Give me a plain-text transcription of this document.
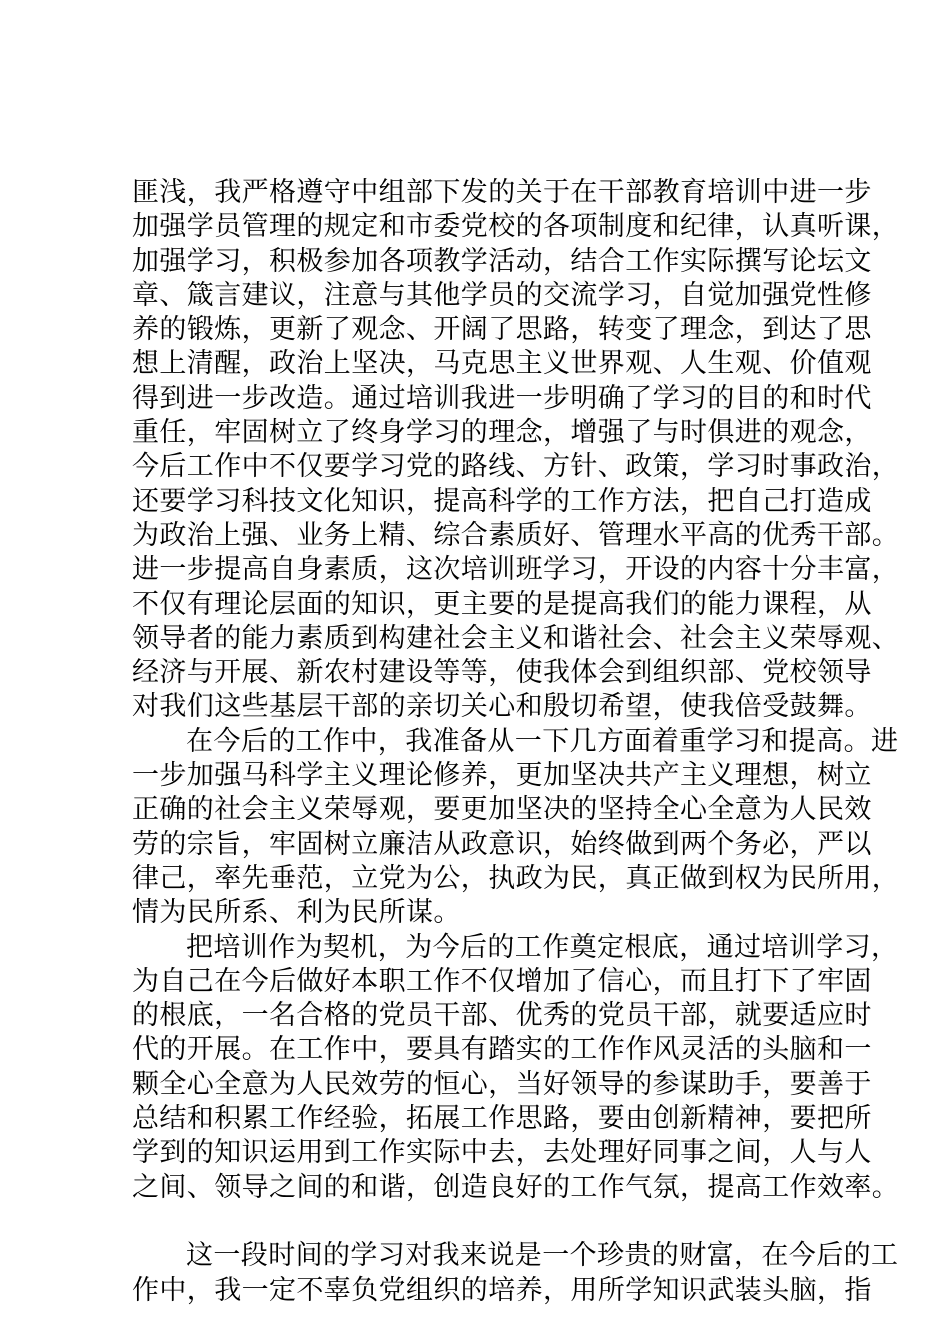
匪浅，我严格遵守中组部下发的关于在干部教育培训中进一步
加强学员管理的规定和市委党校的各项制度和纪律，认真听课，
加强学习，积极参加各项教学活动，结合工作实际撰写论坛文
章、箴言建议，注意与其他学员的交流学习，自觉加强党性修
养的锻炼，更新了观念、开阔了思路，转变了理念，到达了思
想上清醒，政治上坚决，马克思主义世界观、人生观、价值观
得到进一步改造。通过培训我进一步明确了学习的目的和时代
重任，牢固树立了终身学习的理念，增强了与时俱进的观念，
今后工作中不仅要学习党的路线、方针、政策，学习时事政治，
还要学习科技文化知识，提高科学的工作方法，把自己打造成
为政治上强、业务上精、综合素质好、管理水平高的优秀干部。
进一步提高自身素质，这次培训班学习，开设的内容十分丰富，
不仅有理论层面的知识，更主要的是提高我们的能力课程，从
领导者的能力素质到构建社会主义和谐社会、社会主义荣辱观、
经济与开展、新农村建设等等，使我体会到组织部、党校领导
对我们这些基层干部的亲切关心和殷切希望，使我倍受鼓舞。
在今后的工作中，我准备从一下几方面着重学习和提高。进
一步加强马科学主义理论修养，更加坚决共产主义理想，树立
正确的社会主义荣辱观，要更加坚决的坚持全心全意为人民效
劳的宗旨，牢固树立廉洁从政意识，始终做到两个务必，严以
律己，率先垂范，立党为公，执政为民，真正做到权为民所用，
情为民所系、利为民所谋。
把培训作为契机，为今后的工作奠定根底，通过培训学习，
为自己在今后做好本职工作不仅增加了信心，而且打下了牢固
的根底，一名合格的党员干部、优秀的党员干部，就要适应时
代的开展。在工作中，要具有踏实的工作作风灵活的头脑和一
颗全心全意为人民效劳的恒心，当好领导的参谋助手，要善于
总结和积累工作经验，拓展工作思路，要由创新精神，要把所
学到的知识运用到工作实际中去，去处理好同事之间，人与人
之间、领导之间的和谐，创造良好的工作气氛，提高工作效率。
这一段时间的学习对我来说是一个珍贵的财富，在今后的工
作中，我一定不辜负党组织的培养，用所学知识武装头脑，指
